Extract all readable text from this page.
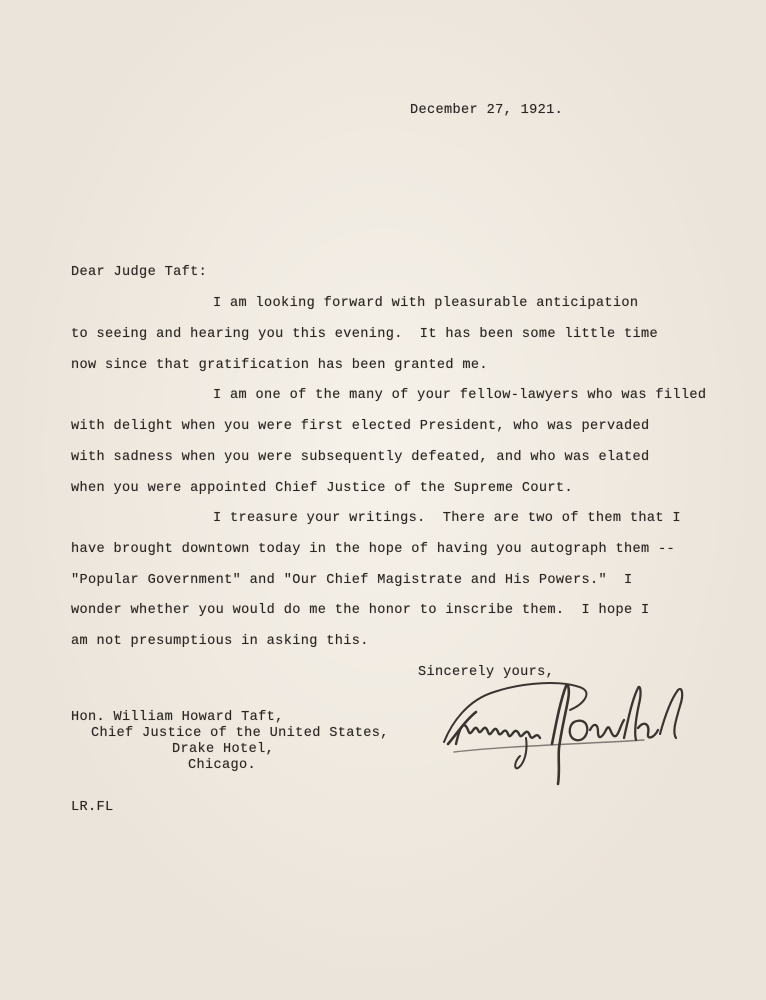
December 27, 1921.
Dear Judge Taft:
I am looking forward with pleasurable anticipation
to seeing and hearing you this evening.  It has been some little time
now since that gratification has been granted me.
I am one of the many of your fellow-lawyers who was filled
with delight when you were first elected President, who was pervaded
with sadness when you were subsequently defeated, and who was elated
when you were appointed Chief Justice of the Supreme Court.
I treasure your writings.  There are two of them that I
have brought downtown today in the hope of having you autograph them --
"Popular Government" and "Our Chief Magistrate and His Powers."  I
wonder whether you would do me the honor to inscribe them.  I hope I
am not presumptious in asking this.
Sincerely yours,
Hon. William Howard Taft,
Chief Justice of the United States,
Drake Hotel,
Chicago.
LR.FL
